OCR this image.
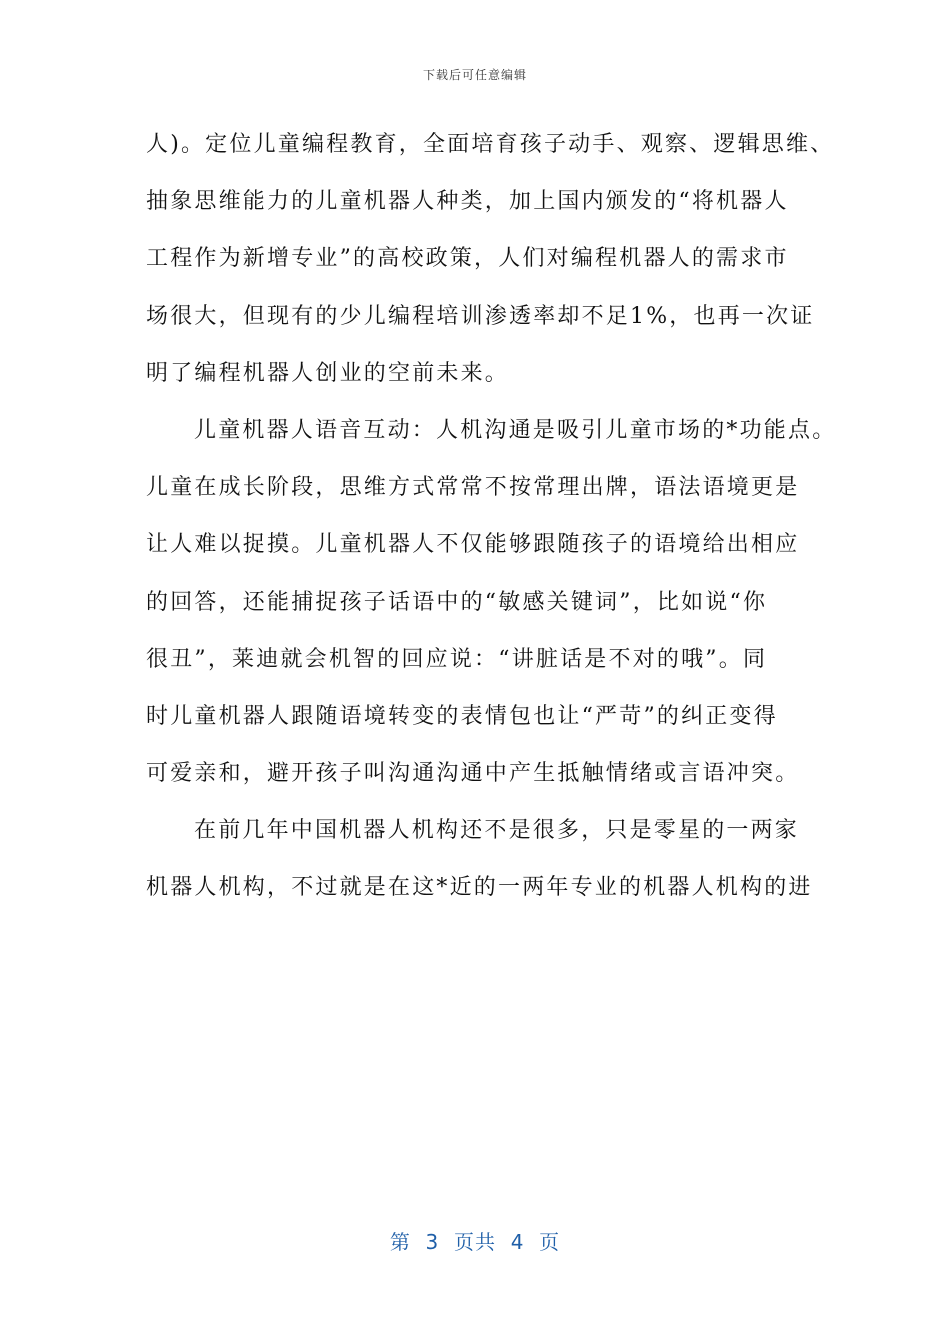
下载后可任意编辑
人)。定位儿童编程教育，全面培育孩子动手、观察、逻辑思维、
抽象思维能力的儿童机器人种类，加上国内颁发的“将机器人
工程作为新增专业”的高校政策，人们对编程机器人的需求市
场很大，但现有的少儿编程培训渗透率却不足1%，也再一次证
明了编程机器人创业的空前未来。
儿童机器人语音互动：人机沟通是吸引儿童市场的*功能点。
儿童在成长阶段，思维方式常常不按常理出牌，语法语境更是
让人难以捉摸。儿童机器人不仅能够跟随孩子的语境给出相应
的回答，还能捕捉孩子话语中的“敏感关键词”，比如说“你
很丑”，莱迪就会机智的回应说：“讲脏话是不对的哦”。同
时儿童机器人跟随语境转变的表情包也让“严苛”的纠正变得
可爱亲和，避开孩子叫沟通沟通中产生抵触情绪或言语冲突。
在前几年中国机器人机构还不是很多，只是零星的一两家
机器人机构，不过就是在这*近的一两年专业的机器人机构的进
第  3  页共  4  页
